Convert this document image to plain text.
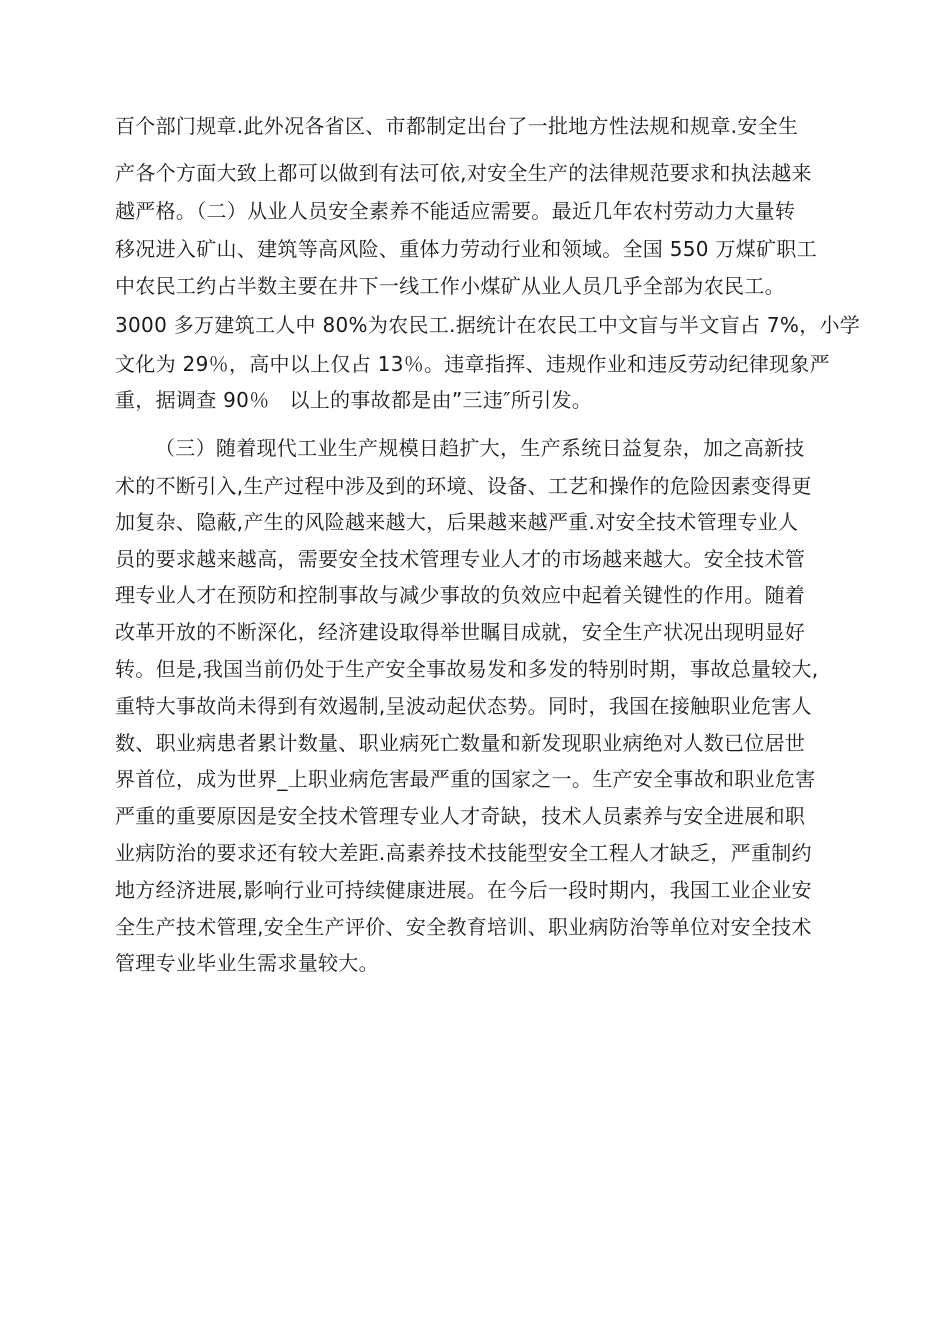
百个部门规章.此外况各省区、市都制定出台了一批地方性法规和规章.安全生
产各个方面大致上都可以做到有法可依,对安全生产的法律规范要求和执法越来
越严格。（二）从业人员安全素养不能适应需要。最近几年农村劳动力大量转
移况进入矿山、建筑等高风险、重体力劳动行业和领域。全国 550 万煤矿职工
中农民工约占半数主要在井下一线工作小煤矿从业人员几乎全部为农民工。
3000 多万建筑工人中 80%为农民工.据统计在农民工中文盲与半文盲占 7%，小学
文化为 29％，高中以上仅占 13％。违章指挥、违规作业和违反劳动纪律现象严
重，据调查 90％   以上的事故都是由”三违″所引发。
（三）随着现代工业生产规模日趋扩大，生产系统日益复杂，加之高新技
术的不断引入,生产过程中涉及到的环境、设备、工艺和操作的危险因素变得更
加复杂、隐蔽,产生的风险越来越大，后果越来越严重.对安全技术管理专业人
员的要求越来越高，需要安全技术管理专业人才的市场越来越大。安全技术管
理专业人才在预防和控制事故与减少事故的负效应中起着关键性的作用。随着
改革开放的不断深化，经济建设取得举世瞩目成就，安全生产状况出现明显好
转。但是,我国当前仍处于生产安全事故易发和多发的特别时期，事故总量较大,
重特大事故尚未得到有效遏制,呈波动起伏态势。同时，我国在接触职业危害人
数、职业病患者累计数量、职业病死亡数量和新发现职业病绝对人数已位居世
界首位，成为世界_上职业病危害最严重的国家之一。生产安全事故和职业危害
严重的重要原因是安全技术管理专业人才奇缺，技术人员素养与安全进展和职
业病防治的要求还有较大差距.高素养技术技能型安全工程人才缺乏，严重制约
地方经济进展,影响行业可持续健康进展。在今后一段时期内，我国工业企业安
全生产技术管理,安全生产评价、安全教育培训、职业病防治等单位对安全技术
管理专业毕业生需求量较大。
